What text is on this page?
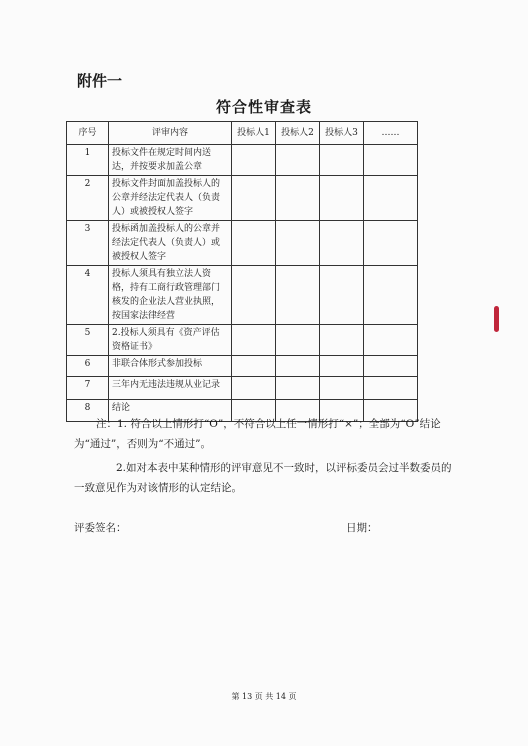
附件一
符合性审查表
序号	评审内容	投标人1	投标人2	投标人3	……
1	投标文件在规定时间内送达，并按要求加盖公章				
2	投标文件封面加盖投标人的公章并经法定代表人（负责人）或被授权人签字				
3	投标函加盖投标人的公章并经法定代表人（负责人）或被授权人签字				
4	投标人须具有独立法人资格，持有工商行政管理部门核发的企业法人营业执照，按国家法律经营				
5	2.投标人须具有《资产评估资格证书》				
6	非联合体形式参加投标				
7	三年内无违法违规从业记录				
8	结论				
注：1. 符合以上情形打“O”，不符合以上任一情形打“×”；全部为“O”结论为“通过”，否则为“不通过”。
2.如对本表中某种情形的评审意见不一致时，以评标委员会过半数委员的一致意见作为对该情形的认定结论。
评委签名：	日期：
第 13 页 共 14 页
